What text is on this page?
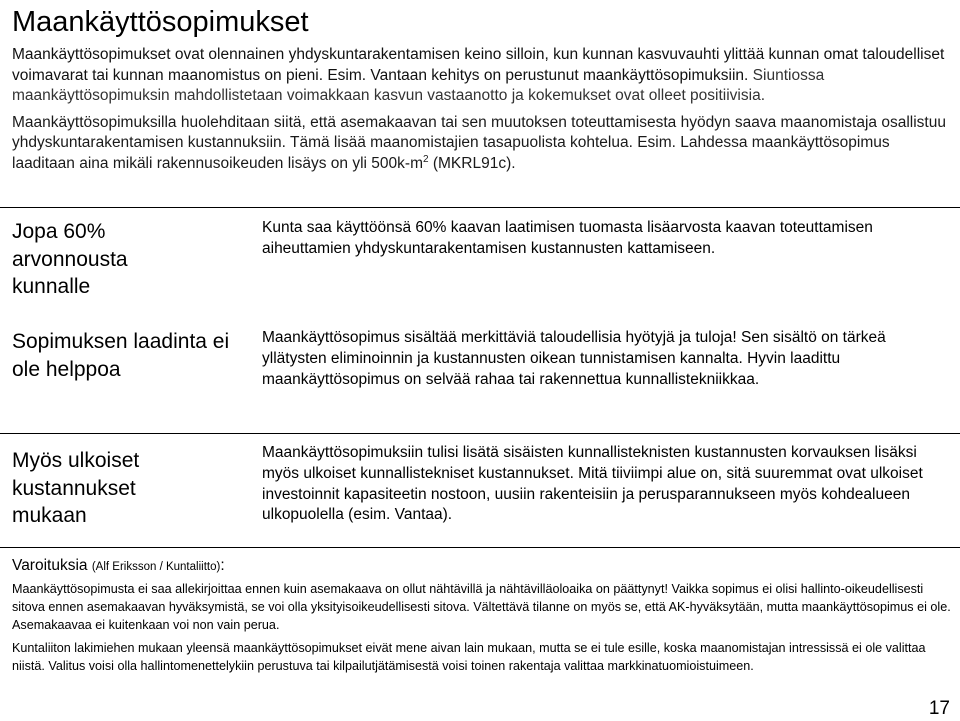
Maankäyttösopimukset
Maankäyttösopimukset ovat olennainen yhdyskuntarakentamisen keino silloin, kun kunnan kasvuvauhti ylittää kunnan omat taloudelliset voimavarat tai kunnan maanomistus on pieni. Esim. Vantaan kehitys on perustunut maankäyttösopimuksiin. Siuntiossa maankäyttösopimuksin mahdollistetaan voimakkaan kasvun vastaanotto ja kokemukset ovat olleet positiivisia.
Maankäyttösopimuksilla huolehditaan siitä, että asemakaavan tai sen muutoksen toteuttamisesta hyödyn saava maanomistaja osallistuu yhdyskuntarakentamisen kustannuksiin. Tämä lisää maanomistajien tasapuolista kohtelua. Esim. Lahdessa maankäyttösopimus laaditaan aina mikäli rakennusoikeuden lisäys on yli $500k-m^2$ (MKRL91c).
Jopa 60% arvonnousta kunnalle
Kunta saa käyttöönsä 60% kaavan laatimisen tuomasta lisäarvosta kaavan toteuttamisen aiheuttamien yhdyskuntarakentamisen kustannusten kattamiseen.
Sopimuksen laadinta ei ole helppoa
Maankäyttösopimus sisältää merkittäviä taloudellisia hyötyjä ja tuloja! Sen sisältö on tärkeä yllätysten eliminoinnin ja kustannusten oikean tunnistamisen kannalta. Hyvin laadittu maankäyttösopimus on selvää rahaa tai rakennettua kunnallistekniikkaa.
Myös ulkoiset kustannukset mukaan
Maankäyttösopimuksiin tulisi lisätä sisäisten kunnallisteknisten kustannusten korvauksen lisäksi myös ulkoiset kunnallistekniset kustannukset. Mitä tiiviimpi alue on, sitä suuremmat ovat ulkoiset investoinnit kapasiteetin nostoon, uusiin rakenteisiin ja perusparannukseen myös kohdealueen ulkopuolella (esim. Vantaa).
Varoituksia (Alf Eriksson / Kuntaliitto):
Maankäyttösopimusta ei saa allekirjoittaa ennen kuin asemakaava on ollut nähtävillä ja nähtävilläoloaika on päättynyt! Vaikka sopimus ei olisi hallinto-oikeudellisesti sitova ennen asemakaavan hyväksymistä, se voi olla yksityisoikeudellisesti sitova. Vältettävä tilanne on myös se, että AK-hyväksytään, mutta maankäyttösopimus ei ole. Asemakaavaa ei kuitenkaan voi non vain perua.
Kuntaliiton lakimiehen mukaan yleensä maankäyttösopimukset eivät mene aivan lain mukaan, mutta se ei tule esille, koska maanomistajan intressissä ei ole valittaa niistä. Valitus voisi olla hallintomenettelykiin perustuva tai kilpailutjätämisestä voisi toinen rakentaja valittaa markkinatuomioistuimeen.
17
